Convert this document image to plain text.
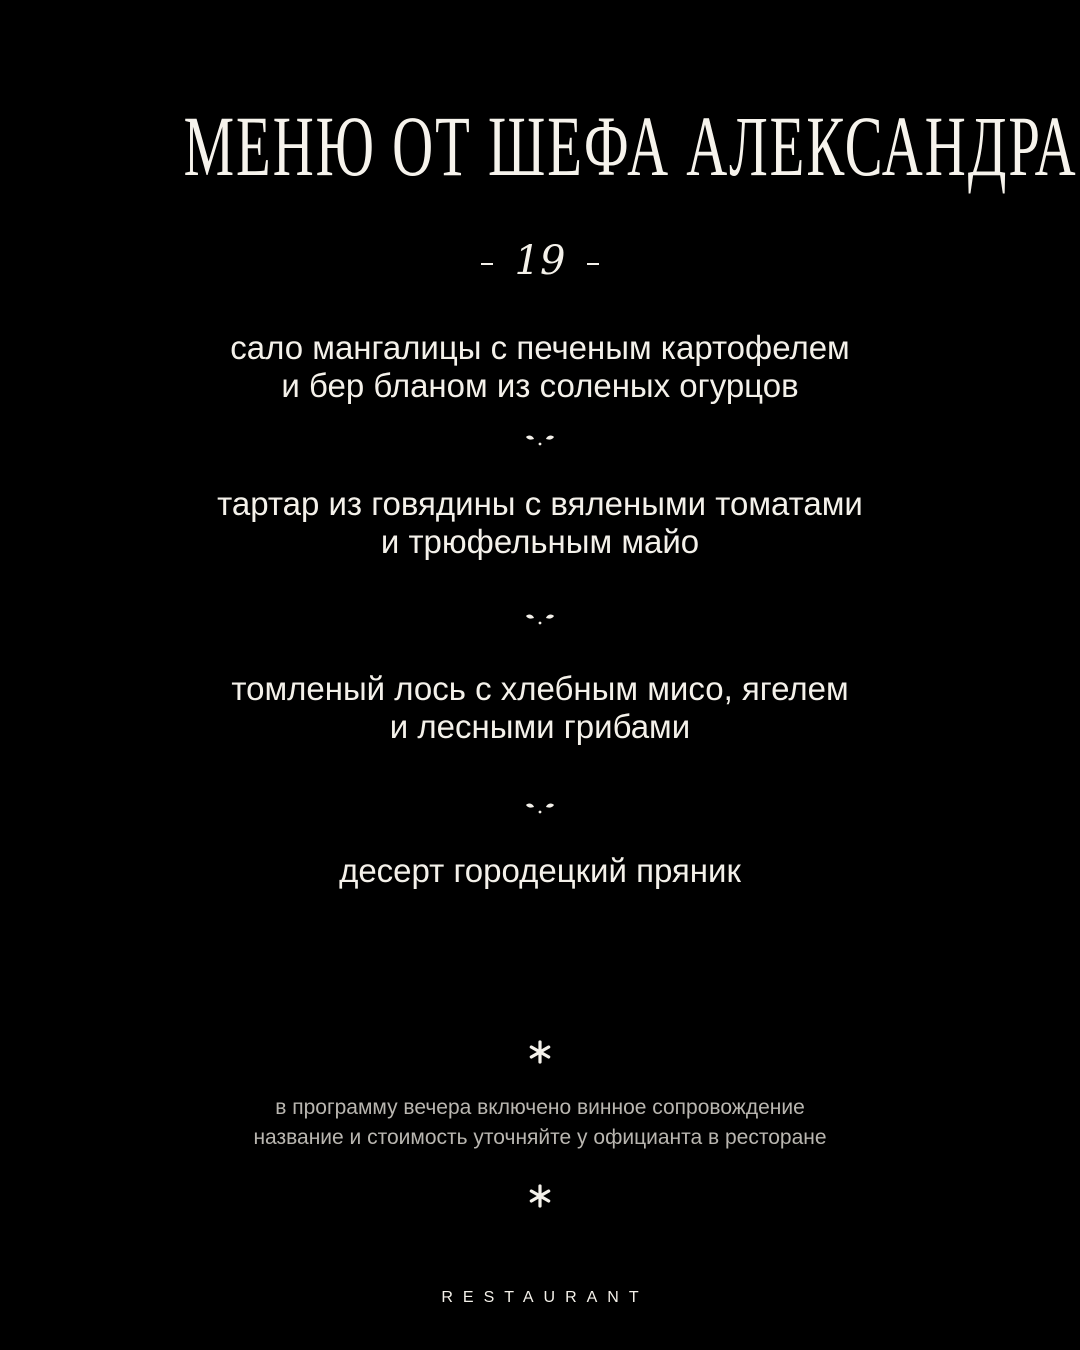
МЕНЮ ОТ ШЕФА АЛЕКСАНДРА
19
сало мангалицы с печеным картофелем
и бер бланом из соленых огурцов
тартар из говядины с вялеными томатами
и трюфельным майо
томленый лось с хлебным мисо, ягелем
и лесными грибами
десерт городецкий пряник
в программу вечера включено винное сопровождение
название и стоимость уточняйте у официанта в ресторане
RESTAURANT
